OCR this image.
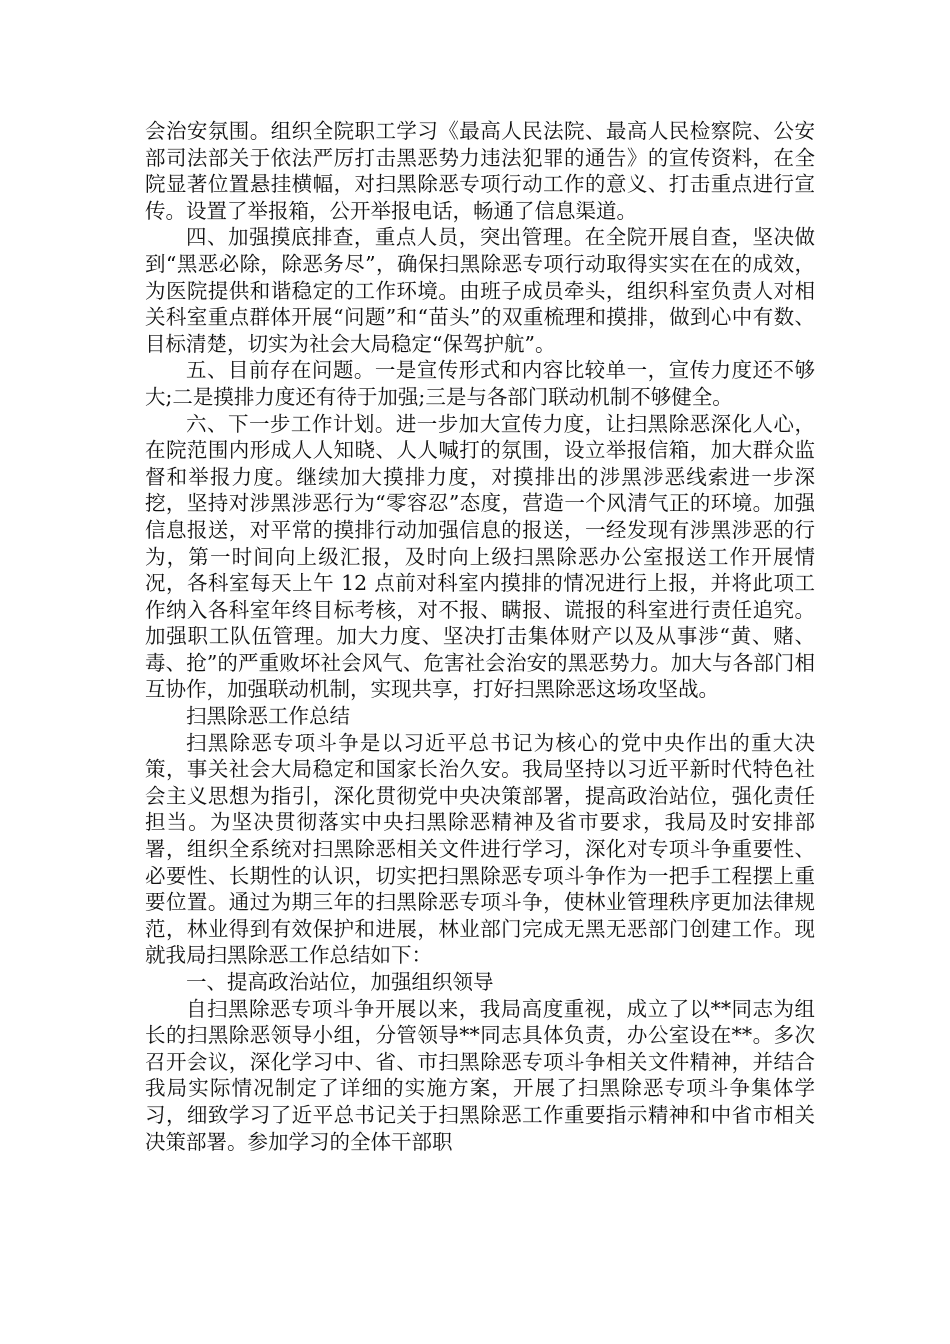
会治安氛围。组织全院职工学习《最高人民法院、最高人民检察院、公安部司法部关于依法严厉打击黑恶势力违法犯罪的通告》的宣传资料，在全院显著位置悬挂横幅，对扫黑除恶专项行动工作的意义、打击重点进行宣传。设置了举报箱，公开举报电话，畅通了信息渠道。

四、加强摸底排查，重点人员，突出管理。在全院开展自查，坚决做到“黑恶必除，除恶务尽”，确保扫黑除恶专项行动取得实实在在的成效，为医院提供和谐稳定的工作环境。由班子成员牵头，组织科室负责人对相关科室重点群体开展“问题”和“苗头”的双重梳理和摸排，做到心中有数、目标清楚，切实为社会大局稳定“保驾护航”。

五、目前存在问题。一是宣传形式和内容比较单一，宣传力度还不够大;二是摸排力度还有待于加强;三是与各部门联动机制不够健全。

六、下一步工作计划。进一步加大宣传力度，让扫黑除恶深化人心，在院范围内形成人人知晓、人人喊打的氛围，设立举报信箱，加大群众监督和举报力度。继续加大摸排力度，对摸排出的涉黑涉恶线索进一步深挖，坚持对涉黑涉恶行为“零容忍”态度，营造一个风清气正的环境。加强信息报送，对平常的摸排行动加强信息的报送，一经发现有涉黑涉恶的行为，第一时间向上级汇报，及时向上级扫黑除恶办公室报送工作开展情况，各科室每天上午 12 点前对科室内摸排的情况进行上报，并将此项工作纳入各科室年终目标考核，对不报、瞒报、谎报的科室进行责任追究。加强职工队伍管理。加大力度、坚决打击集体财产以及从事涉“黄、赌、毒、抢”的严重败坏社会风气、危害社会治安的黑恶势力。加大与各部门相互协作，加强联动机制，实现共享，打好扫黑除恶这场攻坚战。

扫黑除恶工作总结

扫黑除恶专项斗争是以习近平总书记为核心的党中央作出的重大决策，事关社会大局稳定和国家长治久安。我局坚持以习近平新时代特色社会主义思想为指引，深化贯彻党中央决策部署，提高政治站位，强化责任担当。为坚决贯彻落实中央扫黑除恶精神及省市要求，我局及时安排部署，组织全系统对扫黑除恶相关文件进行学习，深化对专项斗争重要性、必要性、长期性的认识，切实把扫黑除恶专项斗争作为一把手工程摆上重要位置。通过为期三年的扫黑除恶专项斗争，使林业管理秩序更加法律规范，林业得到有效保护和进展，林业部门完成无黑无恶部门创建工作。现就我局扫黑除恶工作总结如下：

一、提高政治站位，加强组织领导

自扫黑除恶专项斗争开展以来，我局高度重视，成立了以**同志为组长的扫黑除恶领导小组，分管领导**同志具体负责，办公室设在**。多次召开会议，深化学习中、省、市扫黑除恶专项斗争相关文件精神，并结合我局实际情况制定了详细的实施方案，开展了扫黑除恶专项斗争集体学习，细致学习了近平总书记关于扫黑除恶工作重要指示精神和中省市相关决策部署。参加学习的全体干部职
